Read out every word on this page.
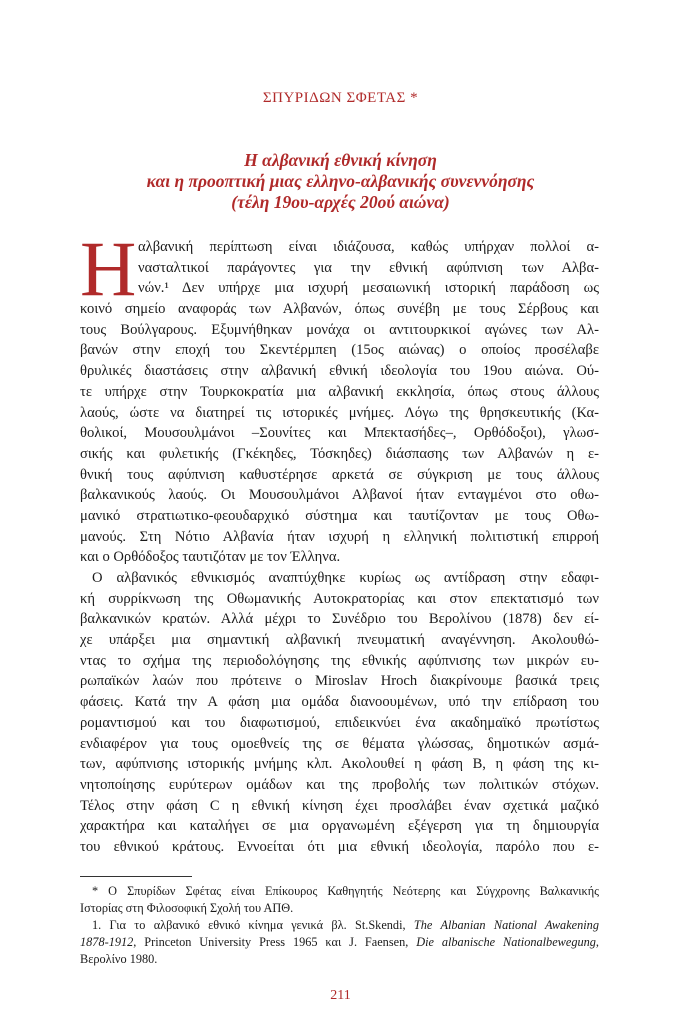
ΣΠΥΡΙΔΩΝ ΣΦΕΤΑΣ *
Η αλβανική εθνική κίνηση
και η προοπτική μιας ελληνο-αλβανικής συνεννόησης
(τέλη 19ου-αρχές 20ού αιώνα)
Η αλβανική περίπτωση είναι ιδιάζουσα, καθώς υπήρχαν πολλοί α-
νασταλτικοί παράγοντες για την εθνική αφύπνιση των Αλβα-
νών.¹ Δεν υπήρχε μια ισχυρή μεσαιωνική ιστορική παράδοση ως
κοινό σημείο αναφοράς των Αλβανών, όπως συνέβη με τους Σέρβους και
τους Βούλγαρους. Εξυμνήθηκαν μονάχα οι αντιτουρκικοί αγώνες των Αλ-
βανών στην εποχή του Σκεντέρμπεη (15ος αιώνας) ο οποίος προσέλαβε
θρυλικές διαστάσεις στην αλβανική εθνική ιδεολογία του 19ου αιώνα. Ού-
τε υπήρχε στην Τουρκοκρατία μια αλβανική εκκλησία, όπως στους άλλους
λαούς, ώστε να διατηρεί τις ιστορικές μνήμες. Λόγω της θρησκευτικής (Κα-
θολικοί, Μουσουλμάνοι –Σουνίτες και Μπεκτασήδες–, Ορθόδοξοι), γλωσ-
σικής και φυλετικής (Γκέκηδες, Τόσκηδες) διάσπασης των Αλβανών η ε-
θνική τους αφύπνιση καθυστέρησε αρκετά σε σύγκριση με τους άλλους
βαλκανικούς λαούς. Οι Μουσουλμάνοι Αλβανοί ήταν ενταγμένοι στο οθω-
μανικό στρατιωτικο-φεουδαρχικό σύστημα και ταυτίζονταν με τους Οθω-
μανούς. Στη Νότιο Αλβανία ήταν ισχυρή η ελληνική πολιτιστική επιρροή
και ο Ορθόδοξος ταυτιζόταν με τον Έλληνα.
Ο αλβανικός εθνικισμός αναπτύχθηκε κυρίως ως αντίδραση στην εδαφι-
κή συρρίκνωση της Οθωμανικής Αυτοκρατορίας και στον επεκτατισμό των
βαλκανικών κρατών. Αλλά μέχρι το Συνέδριο του Βερολίνου (1878) δεν εί-
χε υπάρξει μια σημαντική αλβανική πνευματική αναγέννηση. Ακολουθώ-
ντας το σχήμα της περιοδολόγησης της εθνικής αφύπνισης των μικρών ευ-
ρωπαϊκών λαών που πρότεινε ο Miroslav Hroch διακρίνουμε βασικά τρεις
φάσεις. Κατά την Α φάση μια ομάδα διανοουμένων, υπό την επίδραση του
ρομαντισμού και του διαφωτισμού, επιδεικνύει ένα ακαδημαϊκό πρωτίστως
ενδιαφέρον για τους ομοεθνείς της σε θέματα γλώσσας, δημοτικών ασμά-
των, αφύπνισης ιστορικής μνήμης κλπ. Ακολουθεί η φάση Β, η φάση της κι-
νητοποίησης ευρύτερων ομάδων και της προβολής των πολιτικών στόχων.
Τέλος στην φάση C η εθνική κίνηση έχει προσλάβει έναν σχετικά μαζικό
χαρακτήρα και καταλήγει σε μια οργανωμένη εξέγερση για τη δημιουργία
του εθνικού κράτους. Εννοείται ότι μια εθνική ιδεολογία, παρόλο που ε-
* Ο Σπυρίδων Σφέτας είναι Επίκουρος Καθηγητής Νεότερης και Σύγχρονης Βαλκανικής
Ιστορίας στη Φιλοσοφική Σχολή του ΑΠΘ.
1. Για το αλβανικό εθνικό κίνημα γενικά βλ. St.Skendi, The Albanian National Awakening
1878-1912, Princeton University Press 1965 και J. Faensen, Die albanische Nationalbewegung,
Βερολίνο 1980.
211
